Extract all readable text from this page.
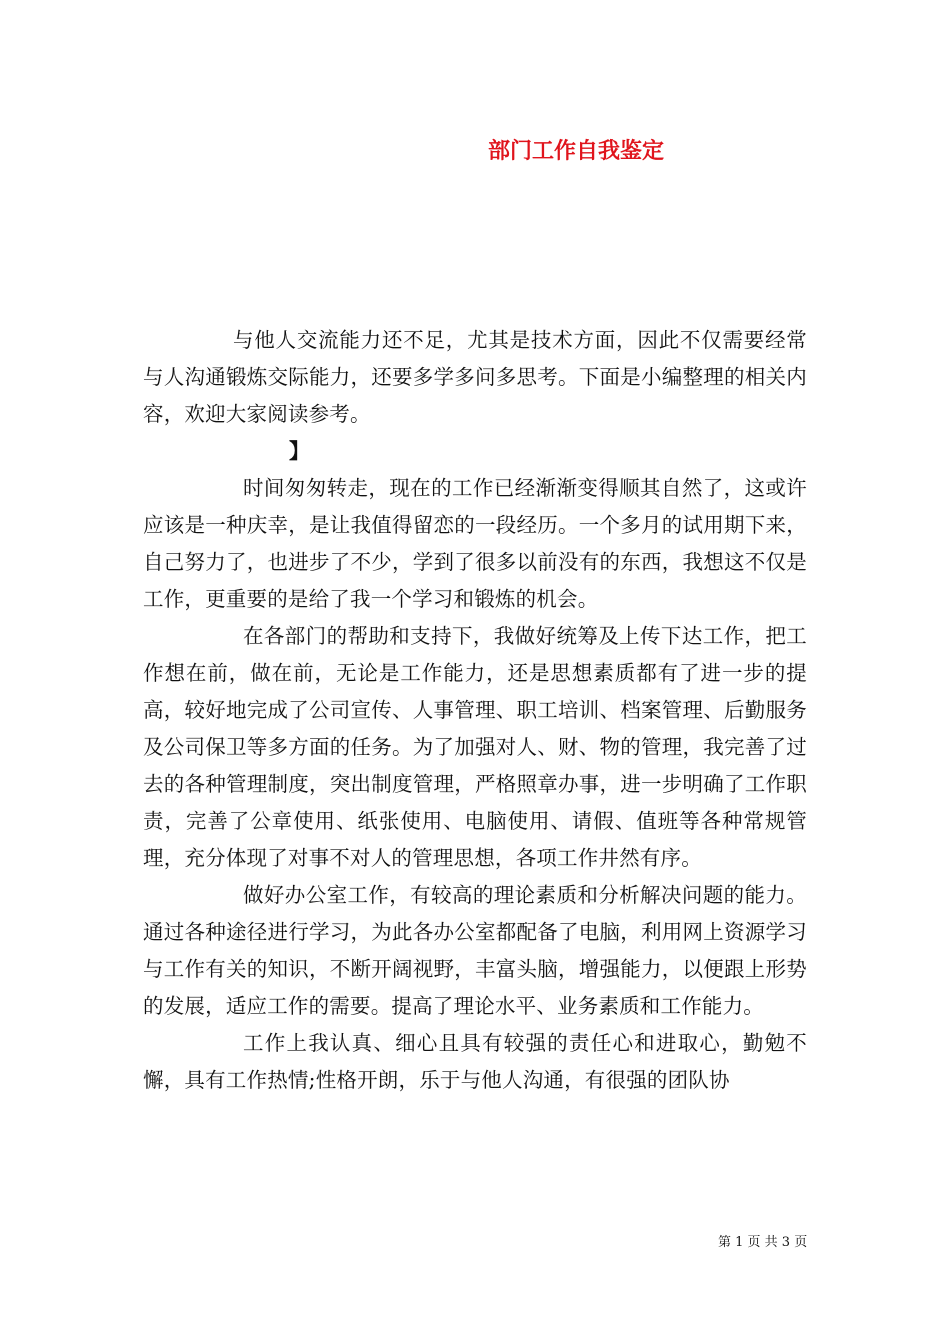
部门工作自我鉴定

与他人交流能力还不足，尤其是技术方面，因此不仅需要经常与人沟通锻炼交际能力，还要多学多问多思考。下面是小编整理的相关内容，欢迎大家阅读参考。

】

时间匆匆转走，现在的工作已经渐渐变得顺其自然了，这或许应该是一种庆幸，是让我值得留恋的一段经历。一个多月的试用期下来，自己努力了，也进步了不少，学到了很多以前没有的东西，我想这不仅是工作，更重要的是给了我一个学习和锻炼的机会。

在各部门的帮助和支持下，我做好统筹及上传下达工作，把工作想在前，做在前，无论是工作能力，还是思想素质都有了进一步的提高，较好地完成了公司宣传、人事管理、职工培训、档案管理、后勤服务及公司保卫等多方面的任务。为了加强对人、财、物的管理，我完善了过去的各种管理制度，突出制度管理，严格照章办事，进一步明确了工作职责，完善了公章使用、纸张使用、电脑使用、请假、值班等各种常规管理，充分体现了对事不对人的管理思想，各项工作井然有序。

做好办公室工作，有较高的理论素质和分析解决问题的能力。通过各种途径进行学习，为此各办公室都配备了电脑，利用网上资源学习与工作有关的知识，不断开阔视野，丰富头脑，增强能力，以便跟上形势的发展，适应工作的需要。提高了理论水平、业务素质和工作能力。

工作上我认真、细心且具有较强的责任心和进取心，勤勉不懈，具有工作热情;性格开朗，乐于与他人沟通，有很强的团队协

第 1 页 共 3 页
